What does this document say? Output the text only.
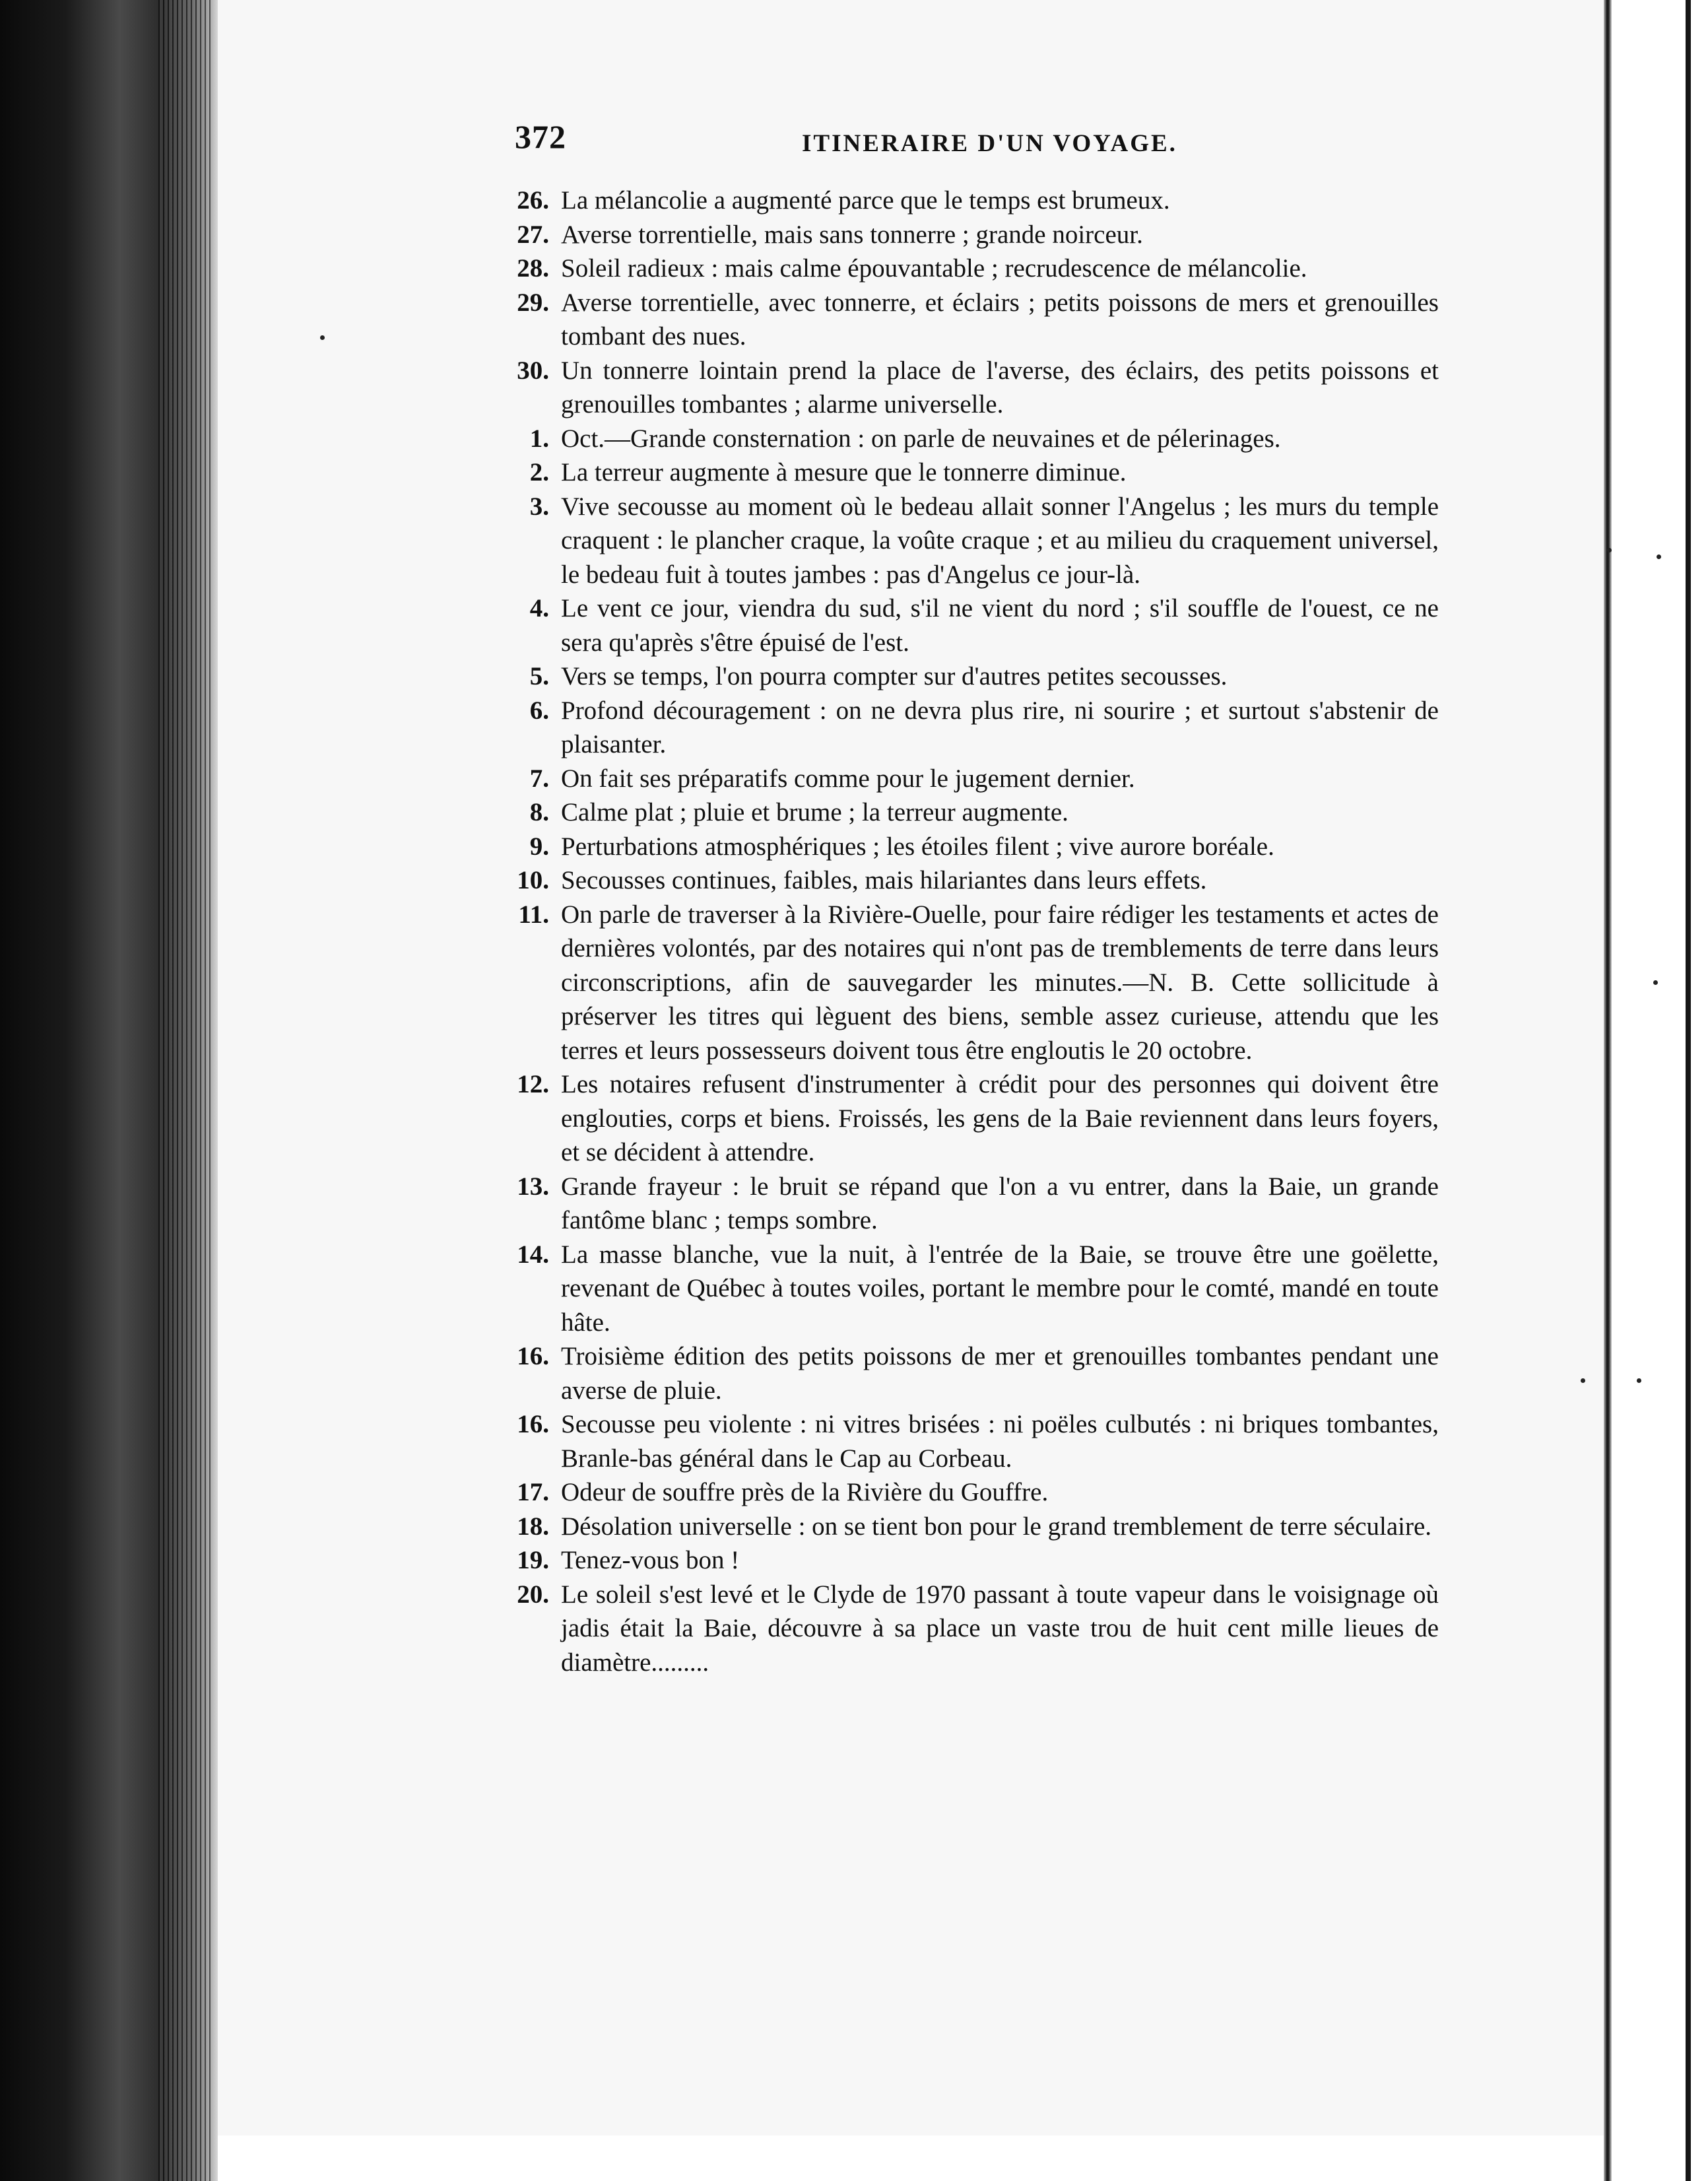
372	ITINERAIRE D'UN VOYAGE.
26. La mélancolie a augmenté parce que le temps est brumeux.
27. Averse torrentielle, mais sans tonnerre ; grande noirceur.
28. Soleil radieux : mais calme épouvantable ; recrudescence de mélancolie.
29. Averse torrentielle, avec tonnerre, et éclairs ; petits poissons de mers et grenouilles tombant des nues.
30. Un tonnerre lointain prend la place de l'averse, des éclairs, des petits poissons et grenouilles tombantes ; alarme universelle.
1. Oct.—Grande consternation : on parle de neuvaines et de pélerinages.
2. La terreur augmente à mesure que le tonnerre diminue.
3. Vive secousse au moment où le bedeau allait sonner l'Angelus ; les murs du temple craquent : le plancher craque, la voûte craque ; et au milieu du craquement universel, le bedeau fuit à toutes jambes : pas d'Angelus ce jour-là.
4. Le vent ce jour, viendra du sud, s'il ne vient du nord ; s'il souffle de l'ouest, ce ne sera qu'après s'être épuisé de l'est.
5. Vers se temps, l'on pourra compter sur d'autres petites secousses.
6. Profond découragement : on ne devra plus rire, ni sourire ; et surtout s'abstenir de plaisanter.
7. On fait ses préparatifs comme pour le jugement dernier.
8. Calme plat ; pluie et brume ; la terreur augmente.
9. Perturbations atmosphériques ; les étoiles filent ; vive aurore boréale.
10. Secousses continues, faibles, mais hilariantes dans leurs effets.
11. On parle de traverser à la Rivière-Ouelle, pour faire rédiger les testaments et actes de dernières volontés, par des notaires qui n'ont pas de tremblements de terre dans leurs circonscriptions, afin de sauvegarder les minutes.—N. B. Cette sollicitude à préserver les titres qui lèguent des biens, semble assez curieuse, attendu que les terres et leurs possesseurs doivent tous être engloutis le 20 octobre.
12. Les notaires refusent d'instrumenter à crédit pour des personnes qui doivent être englouties, corps et biens. Froissés, les gens de la Baie reviennent dans leurs foyers, et se décident à attendre.
13. Grande frayeur : le bruit se répand que l'on a vu entrer, dans la Baie, un grande fantôme blanc ; temps sombre.
14. La masse blanche, vue la nuit, à l'entrée de la Baie, se trouve être une goëlette, revenant de Québec à toutes voiles, portant le membre pour le comté, mandé en toute hâte.
16. Troisième édition des petits poissons de mer et grenouilles tombantes pendant une averse de pluie.
16. Secousse peu violente : ni vitres brisées : ni poëles culbutés : ni briques tombantes, Branle-bas général dans le Cap au Corbeau.
17. Odeur de souffre près de la Rivière du Gouffre.
18. Désolation universelle : on se tient bon pour le grand tremblement de terre séculaire.
19. Tenez-vous bon !
20. Le soleil s'est levé et le Clyde de 1970 passant à toute vapeur dans le voisignage où jadis était la Baie, découvre à sa place un vaste trou de huit cent mille lieues de diamètre.........
